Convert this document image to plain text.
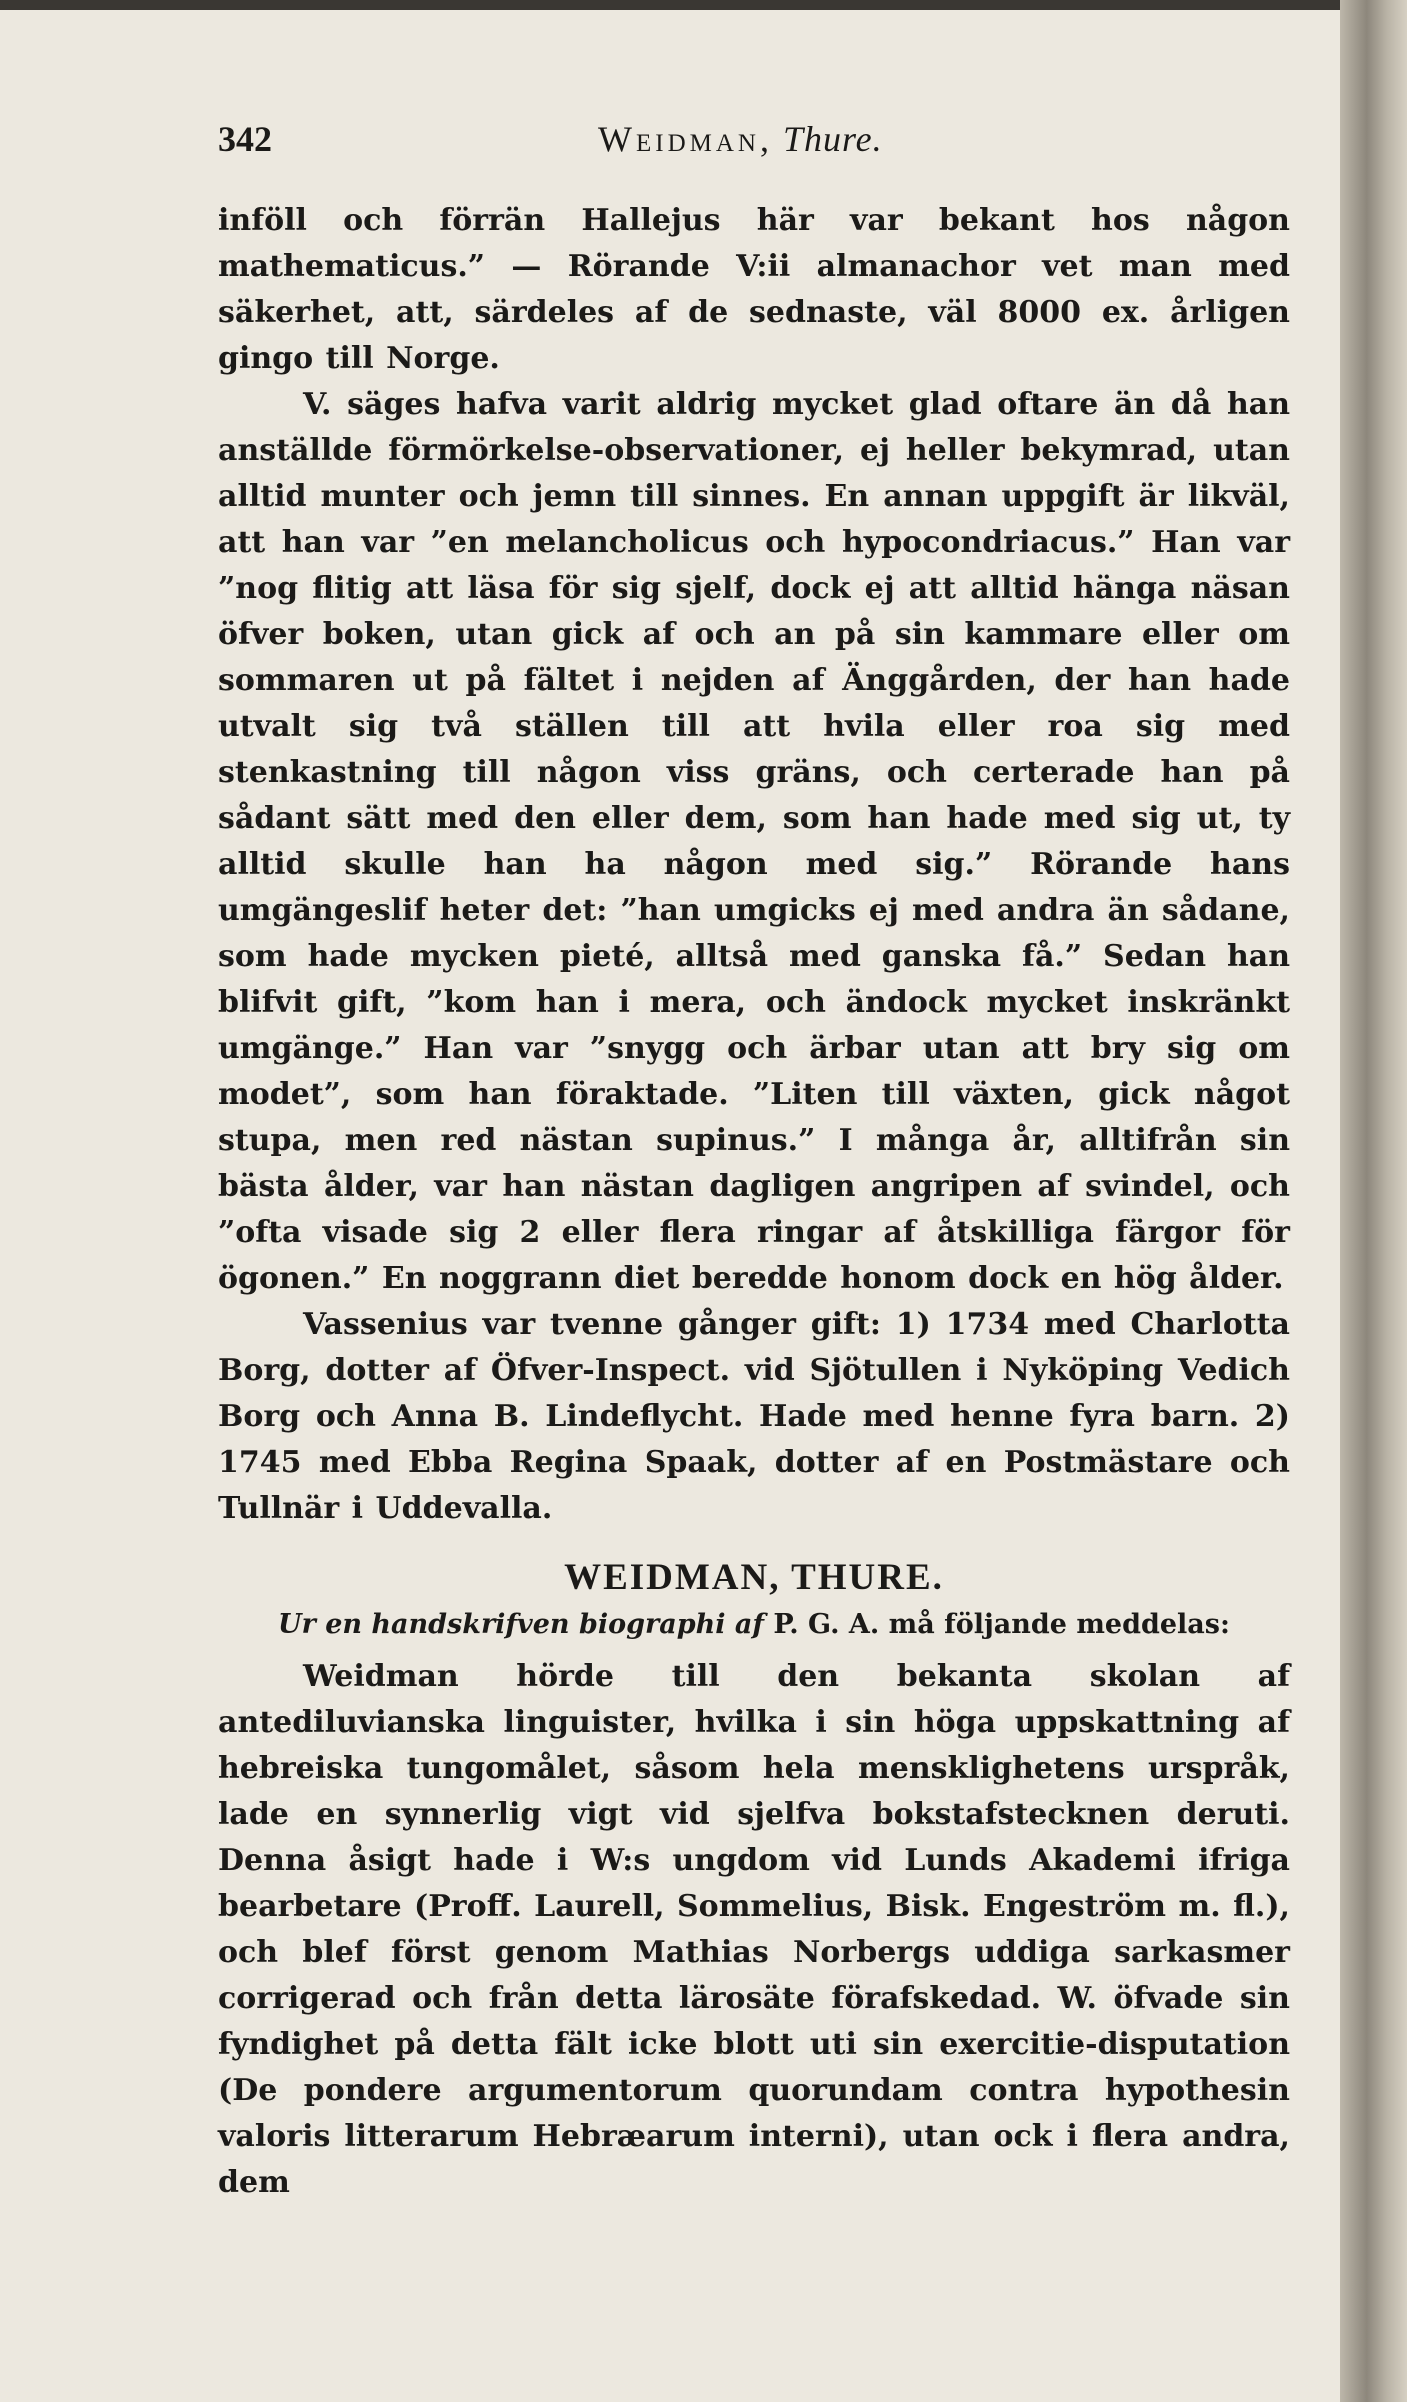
342	Weidman, Thure.

inföll och förrän Hallejus här var bekant hos någon mathematicus.” — Rörande V:ii almanachor vet man med säkerhet, att, särdeles af de sednaste, väl 8000 ex. årligen gingo till Norge.

V. säges hafva varit aldrig mycket glad oftare än då han anställde förmörkelse-observationer, ej heller bekymrad, utan alltid munter och jemn till sinnes. En annan uppgift är likväl, att han var ”en melancholicus och hypocondriacus.” Han var ”nog flitig att läsa för sig sjelf, dock ej att alltid hänga näsan öfver boken, utan gick af och an på sin kammare eller om sommaren ut på fältet i nejden af Änggården, der han hade utvalt sig två ställen till att hvila eller roa sig med stenkastning till någon viss gräns, och certerade han på sådant sätt med den eller dem, som han hade med sig ut, ty alltid skulle han ha någon med sig.” Rörande hans umgängeslif heter det: ”han umgicks ej med andra än sådane, som hade mycken pieté, alltså med ganska få.” Sedan han blifvit gift, ”kom han i mera, och ändock mycket inskränkt umgänge.” Han var ”snygg och ärbar utan att bry sig om modet”, som han föraktade. ”Liten till växten, gick något stupa, men red nästan supinus.” I många år, alltifrån sin bästa ålder, var han nästan dagligen angripen af svindel, och ”ofta visade sig 2 eller flera ringar af åtskilliga färgor för ögonen.” En noggrann diet beredde honom dock en hög ålder.

Vassenius var tvenne gånger gift: 1) 1734 med Charlotta Borg, dotter af Öfver-Inspect. vid Sjötullen i Nyköping Vedich Borg och Anna B. Lindeflycht. Hade med henne fyra barn. 2) 1745 med Ebba Regina Spaak, dotter af en Postmästare och Tullnär i Uddevalla.

WEIDMAN, THURE.
Ur en handskrifven biographi af P. G. A. må följande meddelas:

Weidman hörde till den bekanta skolan af antediluvianska linguister, hvilka i sin höga uppskattning af hebreiska tungomålet, såsom hela mensklighetens urspråk, lade en synnerlig vigt vid sjelfva bokstafstecknen deruti. Denna åsigt hade i W:s ungdom vid Lunds Akademi ifriga bearbetare (Proff. Laurell, Sommelius, Bisk. Engeström m. fl.), och blef först genom Mathias Norbergs uddiga sarkasmer corrigerad och från detta lärosäte förafskedad. W. öfvade sin fyndighet på detta fält icke blott uti sin exercitie-disputation (De pondere argumentorum quorundam contra hypothesin valoris litterarum Hebræarum interni), utan ock i flera andra, dem
